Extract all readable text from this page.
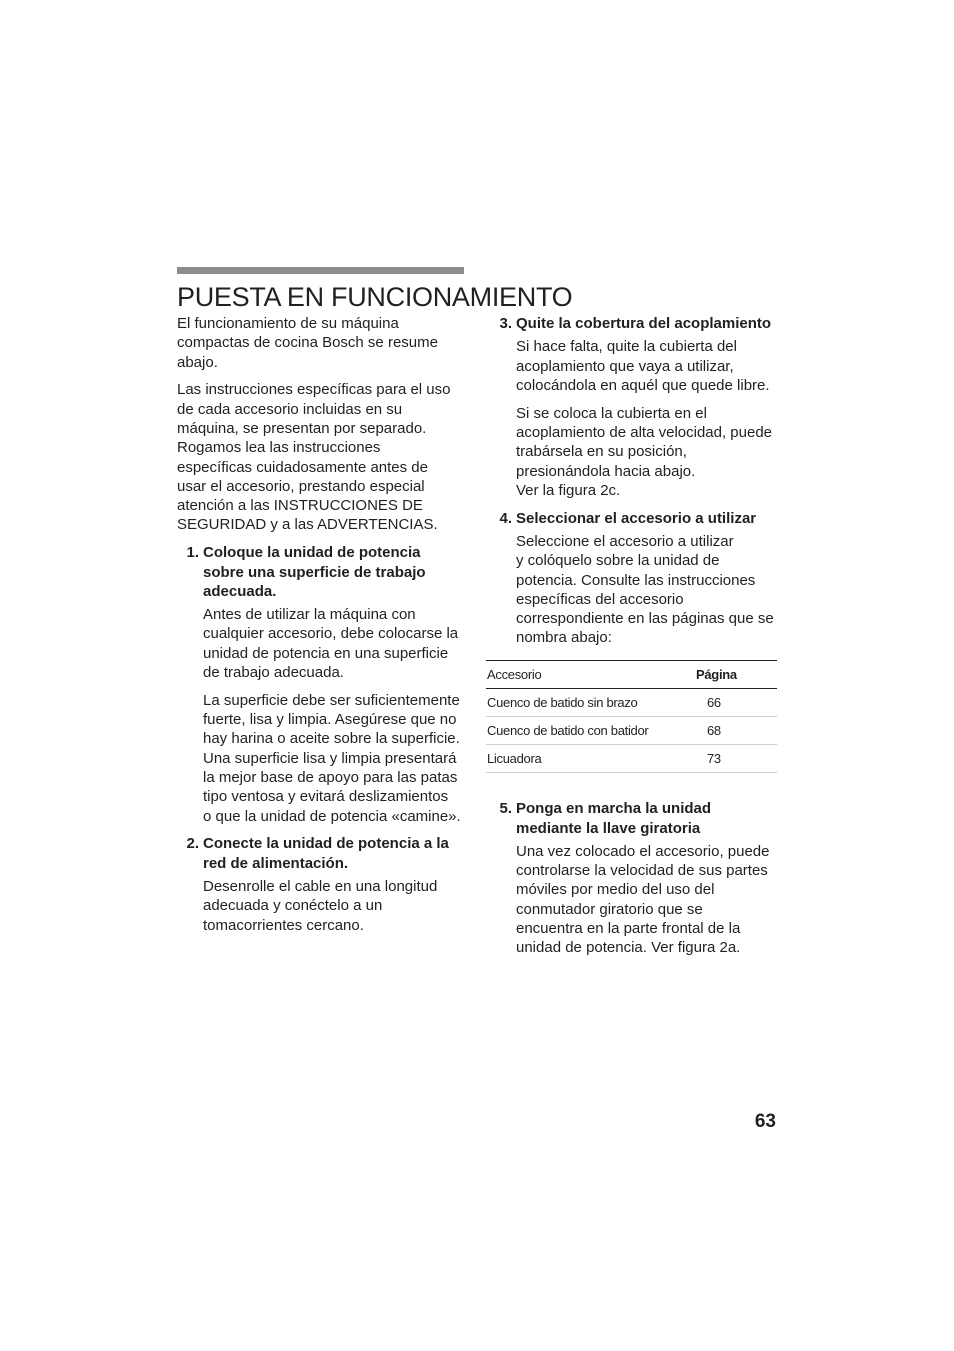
PUESTA EN FUNCIONAMIENTO

El funcionamiento de su máquina
compactas de cocina Bosch se resume
abajo.

Las instrucciones específicas para el uso
de cada accesorio incluidas en su
máquina, se presentan por separado.
Rogamos lea las instrucciones
específicas cuidadosamente antes de
usar el accesorio, prestando especial
atención a las INSTRUCCIONES DE
SEGURIDAD y a las ADVERTENCIAS.

1. Coloque la unidad de potencia
sobre una superficie de trabajo
adecuada.

Antes de utilizar la máquina con
cualquier accesorio, debe colocarse la
unidad de potencia en una superficie
de trabajo adecuada.

La superficie debe ser suficientemente
fuerte, lisa y limpia. Asegúrese que no
hay harina o aceite sobre la superficie.
Una superficie lisa y limpia presentará
la mejor base de apoyo para las patas
tipo ventosa y evitará deslizamientos
o que la unidad de potencia «camine».

2. Conecte la unidad de potencia a la
red de alimentación.

Desenrolle el cable en una longitud
adecuada y conéctelo a un
tomacorrientes cercano.

3. Quite la cobertura del acoplamiento

Si hace falta, quite la cubierta del
acoplamiento que vaya a utilizar,
colocándola en aquél que quede libre.

Si se coloca la cubierta en el
acoplamiento de alta velocidad, puede
trabársela en su posición,
presionándola hacia abajo.
Ver la figura 2c.

4. Seleccionar el accesorio a utilizar

Seleccione el accesorio a utilizar
y colóquelo sobre la unidad de
potencia. Consulte las instrucciones
específicas del accesorio
correspondiente en las páginas que se
nombra abajo:

Accesorio	Página
Cuenco de batido sin brazo	66
Cuenco de batido con batidor	68
Licuadora	73
5. Ponga en marcha la unidad
mediante la llave giratoria

Una vez colocado el accesorio, puede
controlarse la velocidad de sus partes
móviles por medio del uso del
conmutador giratorio que se
encuentra en la parte frontal de la
unidad de potencia. Ver figura 2a.

63
